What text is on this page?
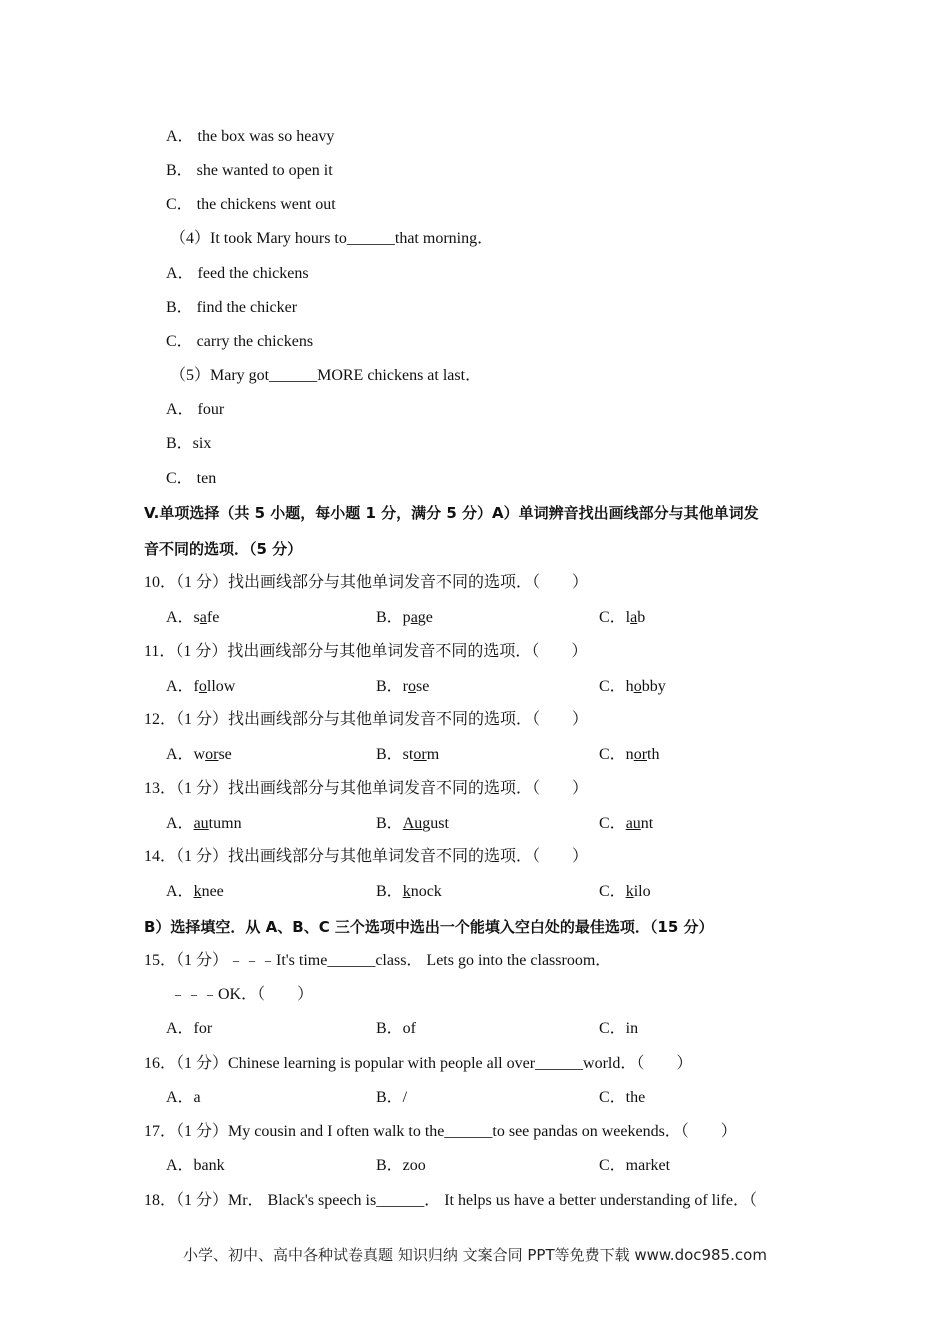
A． the box was so heavy
B． she wanted to open it
C． the chickens went out
（4）It took Mary hours to______that morning．
A． feed the chickens
B． find the chicker
C． carry the chickens
（5）Mary got______MORE chickens at last．
A． four
B．six
C． ten
V.单项选择（共 5 小题，每小题 1 分，满分 5 分）A）单词辨音找出画线部分与其他单词发
音不同的选项．（5 分）
10．（1 分）找出画线部分与其他单词发音不同的选项．（　　）
A．safe	B．page	C．lab
11．（1 分）找出画线部分与其他单词发音不同的选项．（　　）
A．follow	B．rose	C．hobby
12．（1 分）找出画线部分与其他单词发音不同的选项．（　　）
A．worse	B．storm	C．north
13．（1 分）找出画线部分与其他单词发音不同的选项．（　　）
A．autumn	B．August	C．aunt
14．（1 分）找出画线部分与其他单词发音不同的选项．（　　）
A．knee	B．knock	C．kilo
B）选择填空．从 A、B、C 三个选项中选出一个能填入空白处的最佳选项．（15 分）
15．（1 分）﹣﹣﹣It's time______class． Lets go into the classroom．
﹣﹣﹣OK．（　　）
A．for	B．of	C．in
16．（1 分）Chinese learning is popular with people all over______world．（　　）
A．a	B．/	C．the
17．（1 分）My cousin and I often walk to the______to see pandas on weekends．（　　）
A．bank	B．zoo	C．market
18．（1 分）Mr． Black's speech is______． It helps us have a better understanding of life．（
小学、初中、高中各种试卷真题 知识归纳 文案合同 PPT等免费下载 www.doc985.com
